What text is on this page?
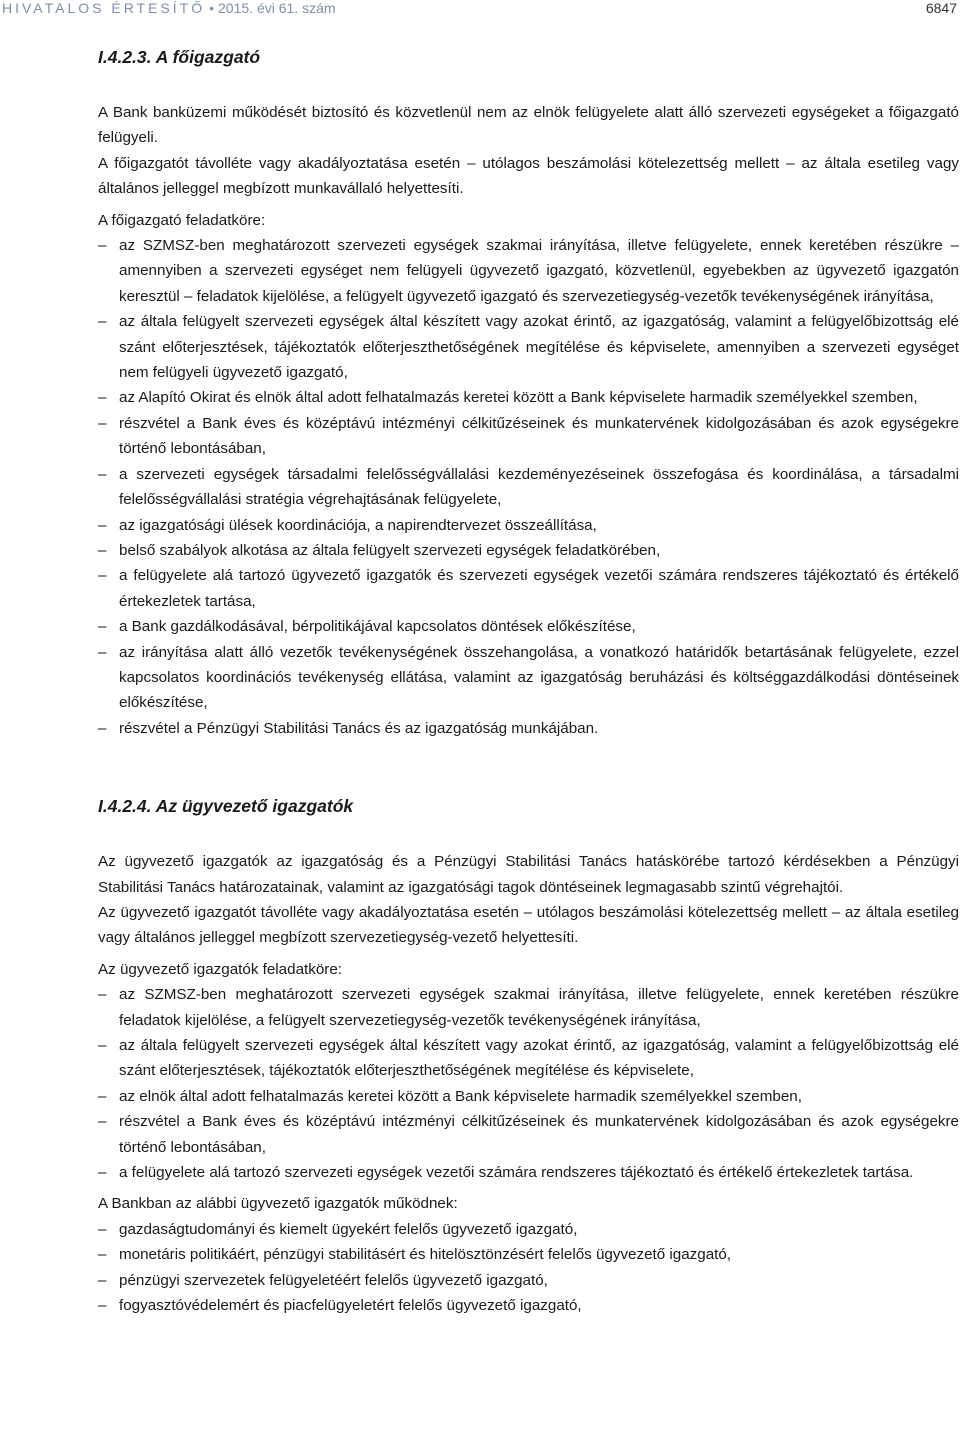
HIVATALOS ÉRTESÍTŐ • 2015. évi 61. szám	6847
I.4.2.3. A főigazgató

A Bank banküzemi működését biztosító és közvetlenül nem az elnök felügyelete alatt álló szervezeti egységeket a főigazgató felügyeli.

A főigazgatót távolléte vagy akadályoztatása esetén – utólagos beszámolási kötelezettség mellett – az általa esetileg vagy általános jelleggel megbízott munkavállaló helyettesíti.

A főigazgató feladatköre:

– az SZMSZ-ben meghatározott szervezeti egységek szakmai irányítása, illetve felügyelete, ennek keretében részükre – amennyiben a szervezeti egységet nem felügyeli ügyvezető igazgató, közvetlenül, egyebekben az ügyvezető igazgatón keresztül – feladatok kijelölése, a felügyelt ügyvezető igazgató és szervezetiegység-vezetők tevékenységének irányítása,
– az általa felügyelt szervezeti egységek által készített vagy azokat érintő, az igazgatóság, valamint a felügyelőbizottság elé szánt előterjesztések, tájékoztatók előterjeszthetőségének megítélése és képviselete, amennyiben a szervezeti egységet nem felügyeli ügyvezető igazgató,
– az Alapító Okirat és elnök által adott felhatalmazás keretei között a Bank képviselete harmadik személyekkel szemben,
– részvétel a Bank éves és középtávú intézményi célkitűzéseinek és munkatervének kidolgozásában és azok egységekre történő lebontásában,
– a szervezeti egységek társadalmi felelősségvállalási kezdeményezéseinek összefogása és koordinálása, a társadalmi felelősségvállalási stratégia végrehajtásának felügyelete,
– az igazgatósági ülések koordinációja, a napirendtervezet összeállítása,
– belső szabályok alkotása az általa felügyelt szervezeti egységek feladatkörében,
– a felügyelete alá tartozó ügyvezető igazgatók és szervezeti egységek vezetői számára rendszeres tájékoztató és értékelő értekezletek tartása,
– a Bank gazdálkodásával, bérpolitikájával kapcsolatos döntések előkészítése,
– az irányítása alatt álló vezetők tevékenységének összehangolása, a vonatkozó határidők betartásának felügyelete, ezzel kapcsolatos koordinációs tevékenység ellátása, valamint az igazgatóság beruházási és költséggazdálkodási döntéseinek előkészítése,
– részvétel a Pénzügyi Stabilitási Tanács és az igazgatóság munkájában.
I.4.2.4. Az ügyvezető igazgatók

Az ügyvezető igazgatók az igazgatóság és a Pénzügyi Stabilitási Tanács hatáskörébe tartozó kérdésekben a Pénzügyi Stabilitási Tanács határozatainak, valamint az igazgatósági tagok döntéseinek legmagasabb szintű végrehajtói.

Az ügyvezető igazgatót távolléte vagy akadályoztatása esetén – utólagos beszámolási kötelezettség mellett – az általa esetileg vagy általános jelleggel megbízott szervezetiegység-vezető helyettesíti.

Az ügyvezető igazgatók feladatköre:

– az SZMSZ-ben meghatározott szervezeti egységek szakmai irányítása, illetve felügyelete, ennek keretében részükre feladatok kijelölése, a felügyelt szervezetiegység-vezetők tevékenységének irányítása,
– az általa felügyelt szervezeti egységek által készített vagy azokat érintő, az igazgatóság, valamint a felügyelőbizottság elé szánt előterjesztések, tájékoztatók előterjeszthetőségének megítélése és képviselete,
– az elnök által adott felhatalmazás keretei között a Bank képviselete harmadik személyekkel szemben,
– részvétel a Bank éves és középtávú intézményi célkitűzéseinek és munkatervének kidolgozásában és azok egységekre történő lebontásában,
– a felügyelete alá tartozó szervezeti egységek vezetői számára rendszeres tájékoztató és értékelő értekezletek tartása.

A Bankban az alábbi ügyvezető igazgatók működnek:

– gazdaságtudományi és kiemelt ügyekért felelős ügyvezető igazgató,
– monetáris politikáért, pénzügyi stabilitásért és hitelösztönzésért felelős ügyvezető igazgató,
– pénzügyi szervezetek felügyeletéért felelős ügyvezető igazgató,
– fogyasztóvédelemért és piacfelügyeletért felelős ügyvezető igazgató,
